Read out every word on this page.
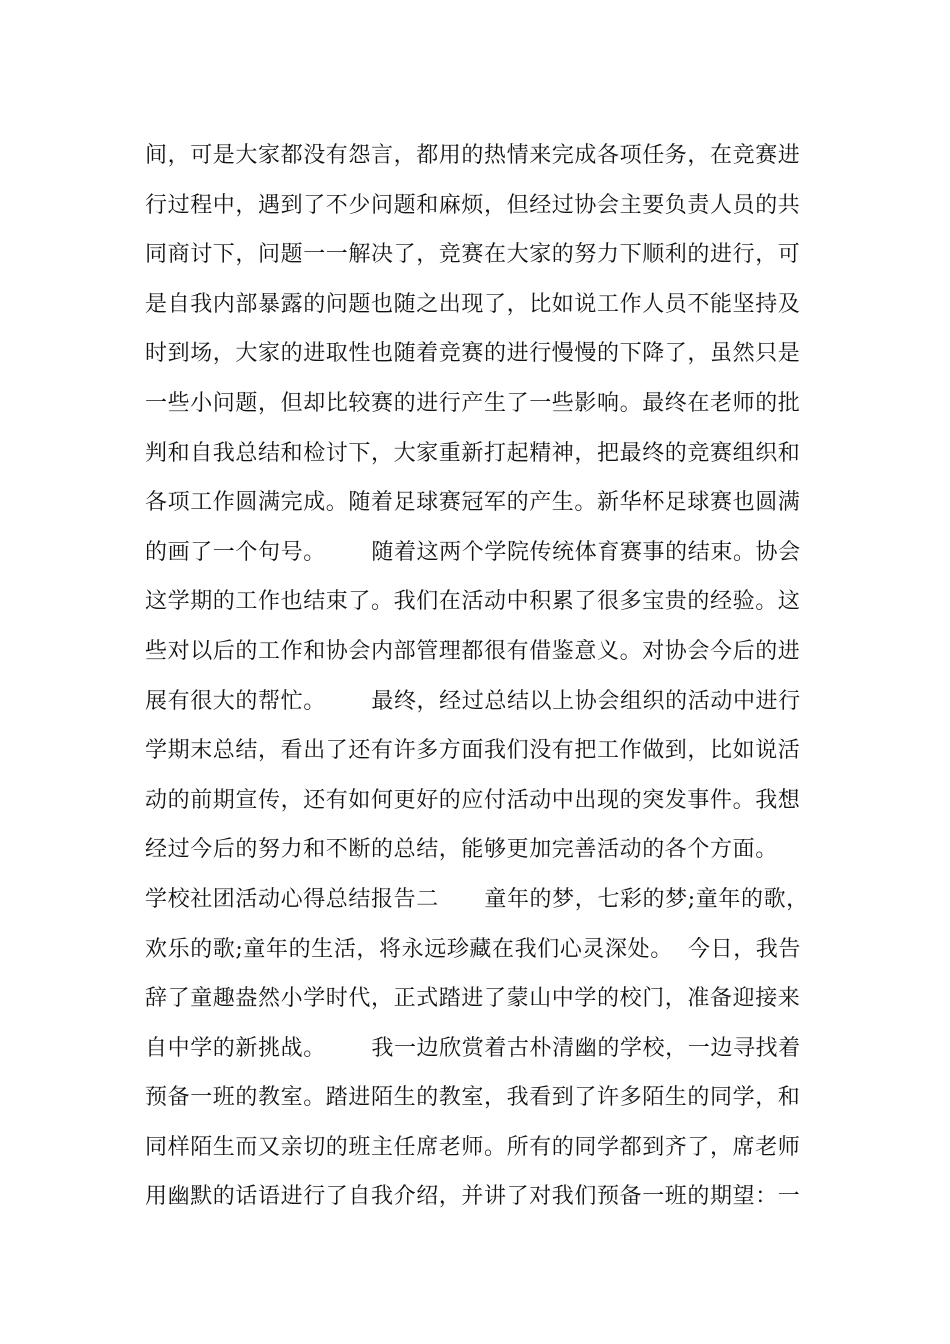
间，可是大家都没有怨言，都用的热情来完成各项任务，在竞赛进
行过程中，遇到了不少问题和麻烦，但经过协会主要负责人员的共
同商讨下，问题一一解决了，竞赛在大家的努力下顺利的进行，可
是自我内部暴露的问题也随之出现了，比如说工作人员不能坚持及
时到场，大家的进取性也随着竞赛的进行慢慢的下降了，虽然只是
一些小问题，但却比较赛的进行产生了一些影响。最终在老师的批
判和自我总结和检讨下，大家重新打起精神，把最终的竞赛组织和
各项工作圆满完成。随着足球赛冠军的产生。新华杯足球赛也圆满
的画了一个句号。      随着这两个学院传统体育赛事的结束。协会
这学期的工作也结束了。我们在活动中积累了很多宝贵的经验。这
些对以后的工作和协会内部管理都很有借鉴意义。对协会今后的进
展有很大的帮忙。      最终，经过总结以上协会组织的活动中进行
学期末总结，看出了还有许多方面我们没有把工作做到，比如说活
动的前期宣传，还有如何更好的应付活动中出现的突发事件。我想
经过今后的努力和不断的总结，能够更加完善活动的各个方面。
学校社团活动心得总结报告二      童年的梦，七彩的梦;童年的歌，
欢乐的歌;童年的生活，将永远珍藏在我们心灵深处。  今日，我告
辞了童趣盎然小学时代，正式踏进了蒙山中学的校门，准备迎接来
自中学的新挑战。      我一边欣赏着古朴清幽的学校，一边寻找着
预备一班的教室。踏进陌生的教室，我看到了许多陌生的同学，和
同样陌生而又亲切的班主任席老师。所有的同学都到齐了，席老师
用幽默的话语进行了自我介绍，并讲了对我们预备一班的期望：一
